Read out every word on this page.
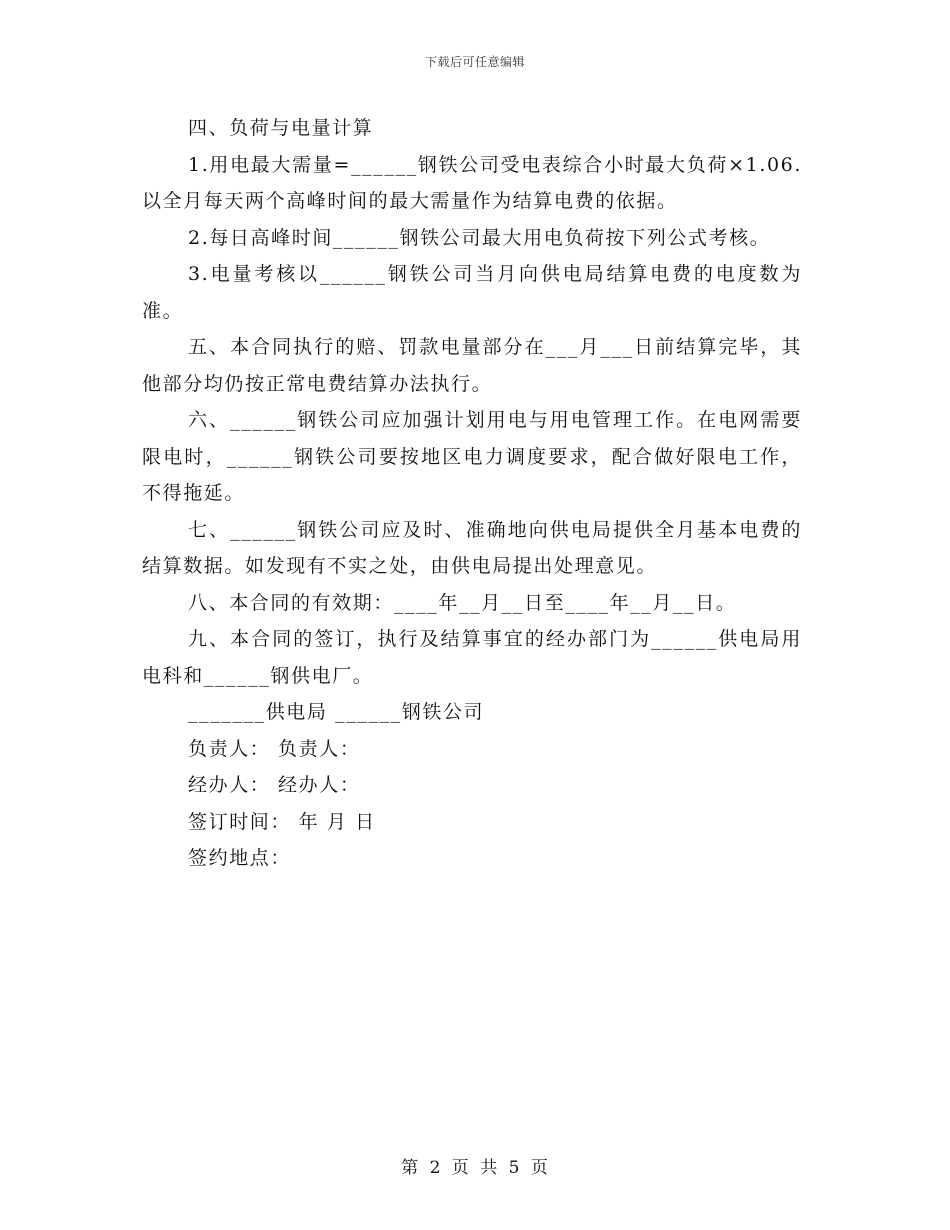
下载后可任意编辑

四、负荷与电量计算

1.用电最大需量=______钢铁公司受电表综合小时最大负荷×1.06.以全月每天两个高峰时间的最大需量作为结算电费的依据。

2.每日高峰时间______钢铁公司最大用电负荷按下列公式考核。

3.电量考核以______钢铁公司当月向供电局结算电费的电度数为准。

五、本合同执行的赔、罚款电量部分在___月___日前结算完毕，其他部分均仍按正常电费结算办法执行。

六、______钢铁公司应加强计划用电与用电管理工作。在电网需要限电时，______钢铁公司要按地区电力调度要求，配合做好限电工作，不得拖延。

七、______钢铁公司应及时、准确地向供电局提供全月基本电费的结算数据。如发现有不实之处，由供电局提出处理意见。

八、本合同的有效期：____年__月__日至____年__月__日。

九、本合同的签订，执行及结算事宜的经办部门为______供电局用电科和______钢供电厂。

_______供电局 ______钢铁公司

负责人： 负责人：

经办人： 经办人：

签订时间： 年 月 日

签约地点：

第 2 页 共 5 页
